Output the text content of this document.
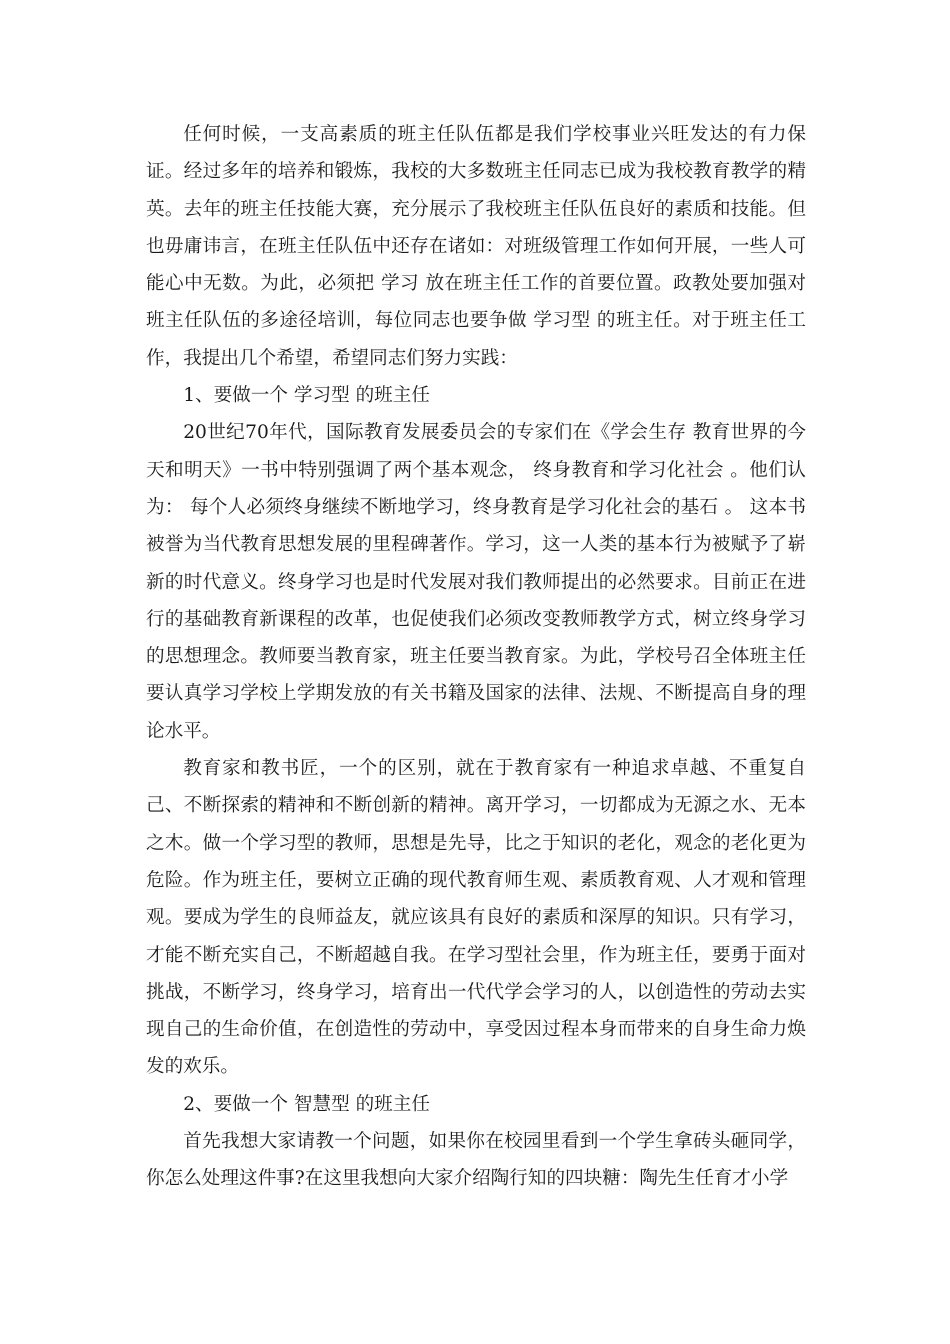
任何时候，一支高素质的班主任队伍都是我们学校事业兴旺发达的有力保证。经过多年的培养和锻炼，我校的大多数班主任同志已成为我校教育教学的精英。去年的班主任技能大赛，充分展示了我校班主任队伍良好的素质和技能。但也毋庸讳言，在班主任队伍中还存在诸如：对班级管理工作如何开展，一些人可能心中无数。为此，必须把 学习 放在班主任工作的首要位置。政教处要加强对班主任队伍的多途径培训，每位同志也要争做 学习型 的班主任。对于班主任工作，我提出几个希望，希望同志们努力实践：

1、要做一个 学习型 的班主任

20世纪70年代，国际教育发展委员会的专家们在《学会生存 教育世界的今天和明天》一书中特别强调了两个基本观念， 终身教育和学习化社会 。他们认为： 每个人必须终身继续不断地学习，终身教育是学习化社会的基石 。 这本书被誉为当代教育思想发展的里程碑著作。学习，这一人类的基本行为被赋予了崭新的时代意义。终身学习也是时代发展对我们教师提出的必然要求。目前正在进行的基础教育新课程的改革，也促使我们必须改变教师教学方式，树立终身学习的思想理念。教师要当教育家，班主任要当教育家。为此，学校号召全体班主任要认真学习学校上学期发放的有关书籍及国家的法律、法规、不断提高自身的理论水平。

教育家和教书匠，一个的区别，就在于教育家有一种追求卓越、不重复自己、不断探索的精神和不断创新的精神。离开学习，一切都成为无源之水、无本之木。做一个学习型的教师，思想是先导，比之于知识的老化，观念的老化更为危险。作为班主任，要树立正确的现代教育师生观、素质教育观、人才观和管理观。要成为学生的良师益友，就应该具有良好的素质和深厚的知识。只有学习，才能不断充实自己，不断超越自我。在学习型社会里，作为班主任，要勇于面对挑战，不断学习，终身学习，培育出一代代学会学习的人，以创造性的劳动去实现自己的生命价值，在创造性的劳动中，享受因过程本身而带来的自身生命力焕发的欢乐。

2、要做一个 智慧型 的班主任

首先我想大家请教一个问题，如果你在校园里看到一个学生拿砖头砸同学，你怎么处理这件事?在这里我想向大家介绍陶行知的四块糖：陶先生任育才小学
